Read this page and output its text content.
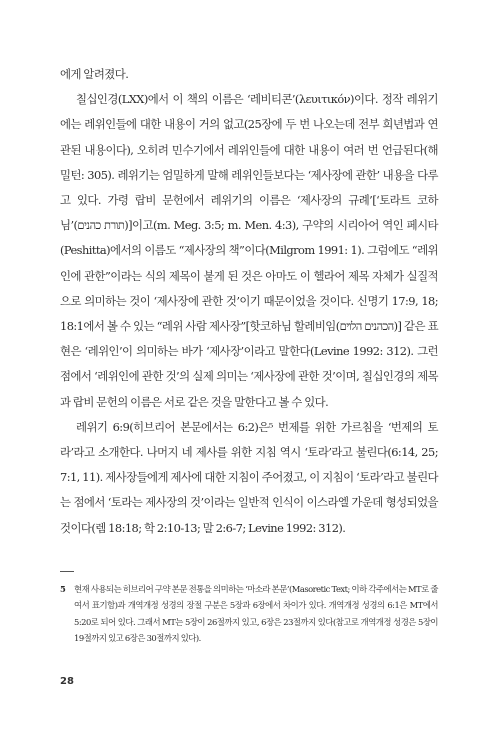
에게 알려졌다.

칠십인경(LXX)에서 이 책의 이름은 ‘레비티콘’(λευιτικόν)이다. 정작 레위기에는 레위인들에 대한 내용이 거의 없고(25장에 두 번 나오는데 전부 희년법과 연관된 내용이다), 오히려 민수기에서 레위인들에 대한 내용이 여러 번 언급된다(해밀턴: 305). 레위기는 엄밀하게 말해 레위인들보다는 ‘제사장에 관한’ 내용을 다루고 있다. 가령 랍비 문헌에서 레위기의 이름은 ‘제사장의 규례’[‘토라트 코하님’(תורת כהנים)]이고(m. Meg. 3:5; m. Men. 4:3), 구약의 시리아어 역인 페시타(Peshitta)에서의 이름도 “제사장의 책”이다(Milgrom 1991: 1). 그럼에도 “레위인에 관한”이라는 식의 제목이 붙게 된 것은 아마도 이 헬라어 제목 자체가 실질적으로 의미하는 것이 ‘제사장에 관한 것’이기 때문이었을 것이다. 신명기 17:9, 18; 18:1에서 볼 수 있는 “레위 사람 제사장”[핫코하님 할레비임(הכהנים הלוים)] 같은 표현은 ‘레위인’이 의미하는 바가 ‘제사장’이라고 말한다(Levine 1992: 312). 그런 점에서 ‘레위인에 관한 것’의 실제 의미는 ‘제사장에 관한 것’이며, 칠십인경의 제목과 랍비 문헌의 이름은 서로 같은 것을 말한다고 볼 수 있다.

레위기 6:9(히브리어 본문에서는 6:2)은⁵ 번제를 위한 가르침을 ‘번제의 토라’라고 소개한다. 나머지 네 제사를 위한 지침 역시 ‘토라’라고 불린다(6:14, 25; 7:1, 11). 제사장들에게 제사에 대한 지침이 주어졌고, 이 지침이 ‘토라’라고 불린다는 점에서 ‘토라는 제사장의 것’이라는 일반적 인식이 이스라엘 가운데 형성되었을 것이다(렘 18:18; 학 2:10-13; 말 2:6-7; Levine 1992: 312).

5 현재 사용되는 히브리어 구약 본문 전통을 의미하는 ‘마소라 본문’(Masoretic Text; 이하 각주에서는 MT로 줄여서 표기함)과 개역개정 성경의 장절 구분은 5장과 6장에서 차이가 있다. 개역개정 성경의 6:1은 MT에서 5:20로 되어 있다. 그래서 MT는 5장이 26절까지 있고, 6장은 23절까지 있다(참고로 개역개정 성경은 5장이 19절까지 있고 6장은 30절까지 있다).

28
